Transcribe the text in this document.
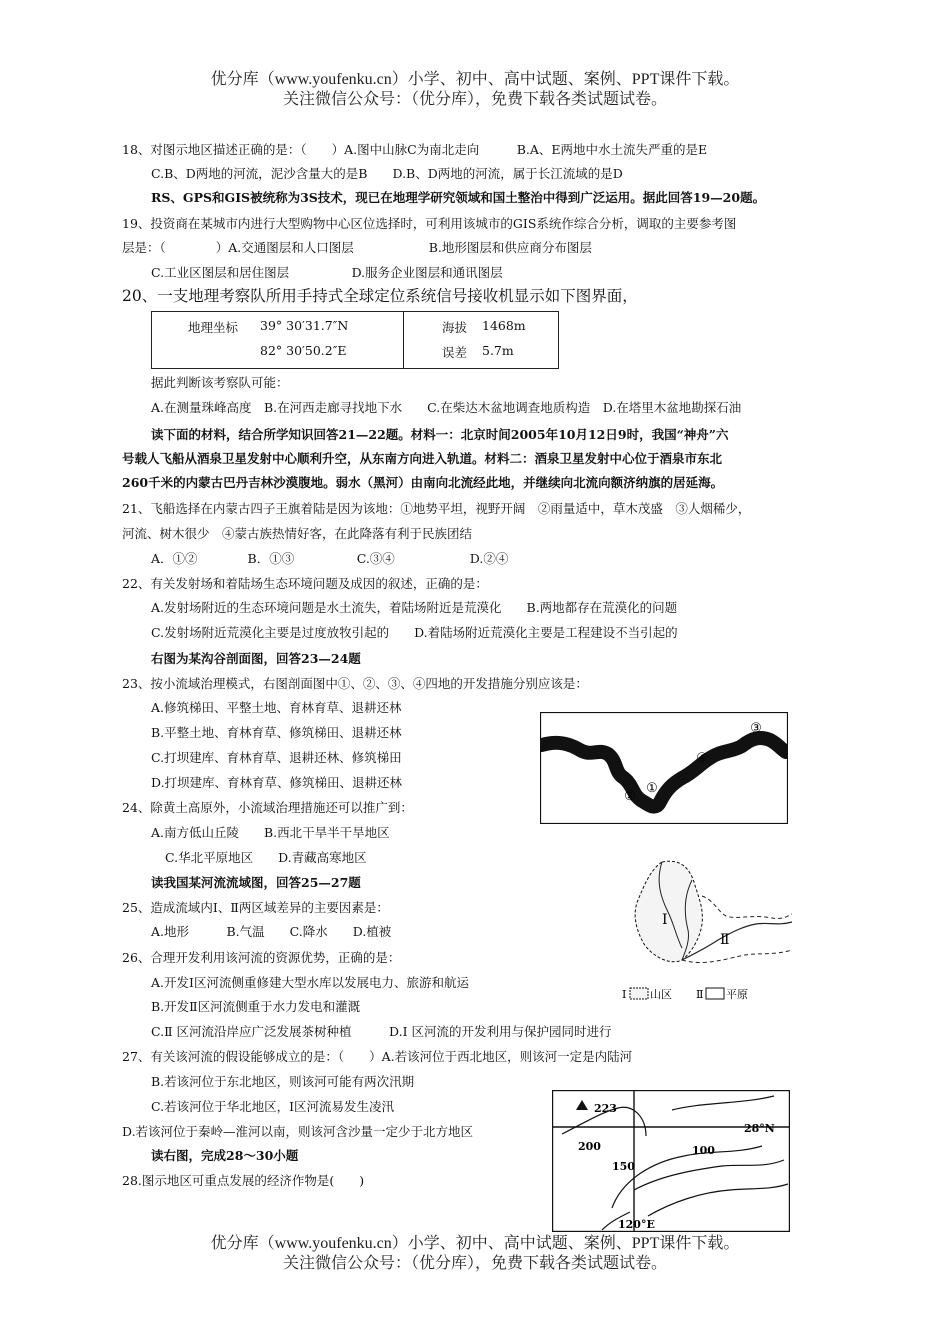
优分库（www.youfenku.cn）小学、初中、高中试题、案例、PPT课件下载。
关注微信公众号：（优分库），免费下载各类试题试卷。
18、对图示地区描述正确的是：（　　）A.图中山脉C为南北走向　　　B.A、E两地中水土流失严重的是E
C.B、D两地的河流，泥沙含量大的是B　　D.B、D两地的河流，属于长江流域的是D
RS、GPS和GIS被统称为3S技术，现已在地理学研究领域和国土整治中得到广泛运用。据此回答19—20题。
19、投资商在某城市内进行大型购物中心区位选择时，可利用该城市的GIS系统作综合分析，调取的主要参考图
层是：（　　　　）A.交通图层和人口图层　　　　　　B.地形图层和供应商分布图层
C.工业区图层和居住图层　　　　　D.服务企业图层和通讯图层
20、一支地理考察队所用手持式全球定位系统信号接收机显示如下图界面，
地理坐标 39° 30′31.7″N
82° 30′50.2″E
海拔 1468m
误差 5.7m
据此判断该考察队可能：
A.在测量珠峰高度　B.在河西走廊寻找地下水　　C.在柴达木盆地调查地质构造　D.在塔里木盆地勘探石油
读下面的材料，结合所学知识回答21—22题。材料一：北京时间2005年10月12日9时，我国“神舟”六
号载人飞船从酒泉卫星发射中心顺利升空，从东南方向进入轨道。材料二：酒泉卫星发射中心位于酒泉市东北
260千米的内蒙古巴丹吉林沙漠腹地。弱水（黑河）由南向北流经此地，并继续向北流向额济纳旗的居延海。
21、飞船选择在内蒙古四子王旗着陆是因为该地：①地势平坦，视野开阔　②雨量适中，草木茂盛　③人烟稀少，
河流、树木很少　④蒙古族热情好客，在此降落有利于民族团结
A．①②　　　　B．①③　　　　　C.③④　　　　　　D.②④
22、有关发射场和着陆场生态环境问题及成因的叙述，正确的是：
A.发射场附近的生态环境问题是水土流失，着陆场附近是荒漠化　　B.两地都存在荒漠化的问题
C.发射场附近荒漠化主要是过度放牧引起的　　D.着陆场附近荒漠化主要是工程建设不当引起的
右图为某沟谷剖面图，回答23—24题
23、按小流域治理模式，右图剖面图中①、②、③、④四地的开发措施分别应该是：
A.修筑梯田、平整土地、育林育草、退耕还林
B.平整土地、育林育草、修筑梯田、退耕还林
C.打坝建库、育林育草、退耕还林、修筑梯田
D.打坝建库、育林育草、修筑梯田、退耕还林
24、除黄土高原外，小流域治理措施还可以推广到：
A.南方低山丘陵　　B.西北干旱半干旱地区
C.华北平原地区　　D.青藏高寒地区
读我国某河流流域图，回答25—27题
25、造成流域内Ⅰ、Ⅱ两区域差异的主要因素是：
A.地形　　　B.气温　　C.降水　　D.植被
26、合理开发利用该河流的资源优势，正确的是：
A.开发Ⅰ区河流侧重修建大型水库以发展电力、旅游和航运
B.开发Ⅱ区河流侧重于水力发电和灌溉
C.Ⅱ 区河流沿岸应广泛发展茶树种植　　　D.Ⅰ 区河流的开发利用与保护园同时进行
27、有关该河流的假设能够成立的是：（　　）A.若该河位于西北地区，则该河一定是内陆河
B.若该河位于东北地区，则该河可能有两次汛期
C.若该河位于华北地区，Ⅰ区河流易发生凌汛
D.若该河位于秦岭—淮河以南，则该河含沙量一定少于北方地区
读右图，完成28～30小题
28.图示地区可重点发展的经济作物是(　　)
②
①
④
③
Ⅰ
Ⅱ
Ⅰ 山区 Ⅱ 平原
223
200
150
100
28°N
120°E
优分库（www.youfenku.cn）小学、初中、高中试题、案例、PPT课件下载。
关注微信公众号：（优分库），免费下载各类试题试卷。
